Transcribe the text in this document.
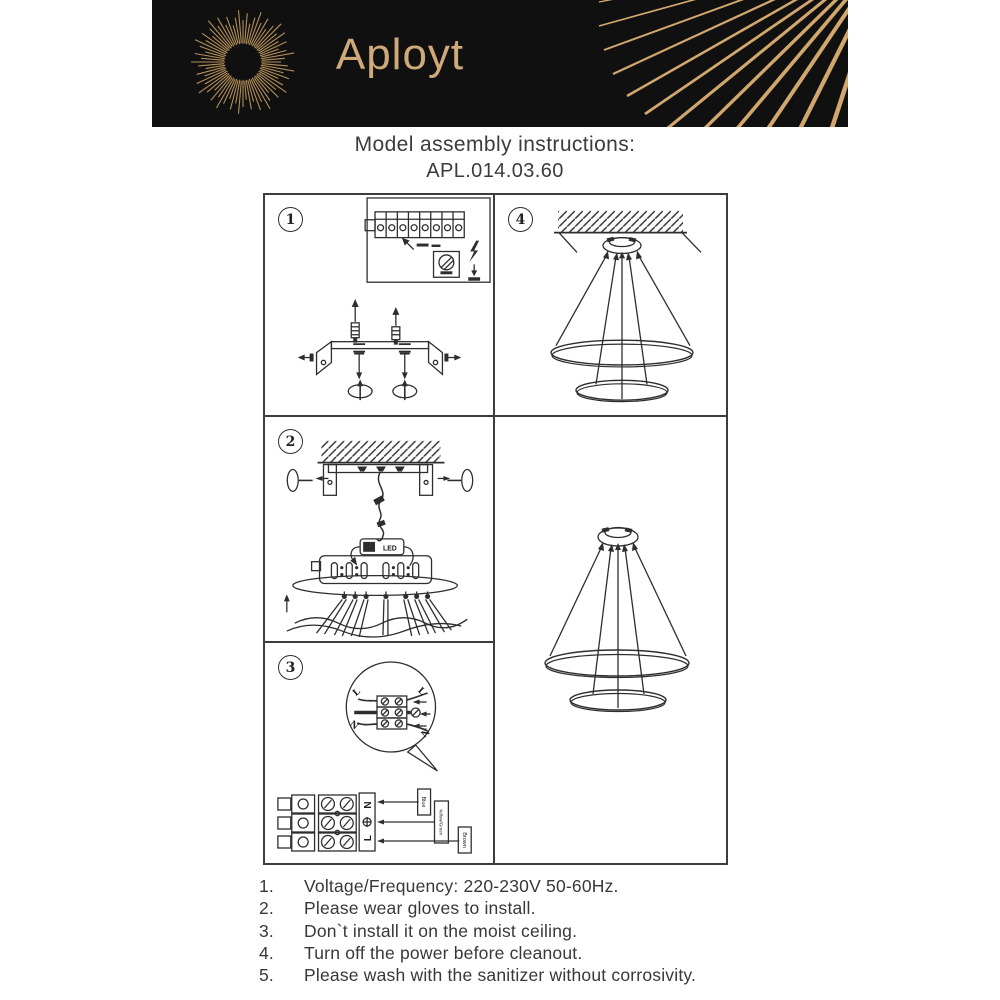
Aployt
Model assembly instructions:
APL.014.03.60
1
2
LED
3
L	L
N
N
N
L
Blue
Yellow/Green
Brown
4
1.	Voltage/Frequency: 220-230V 50-60Hz.
2.	Please wear gloves to install.
3.	Don`t install it on the moist ceiling.
4.	Turn off the power before cleanout.
5.	Please wash with the sanitizer without corrosivity.
